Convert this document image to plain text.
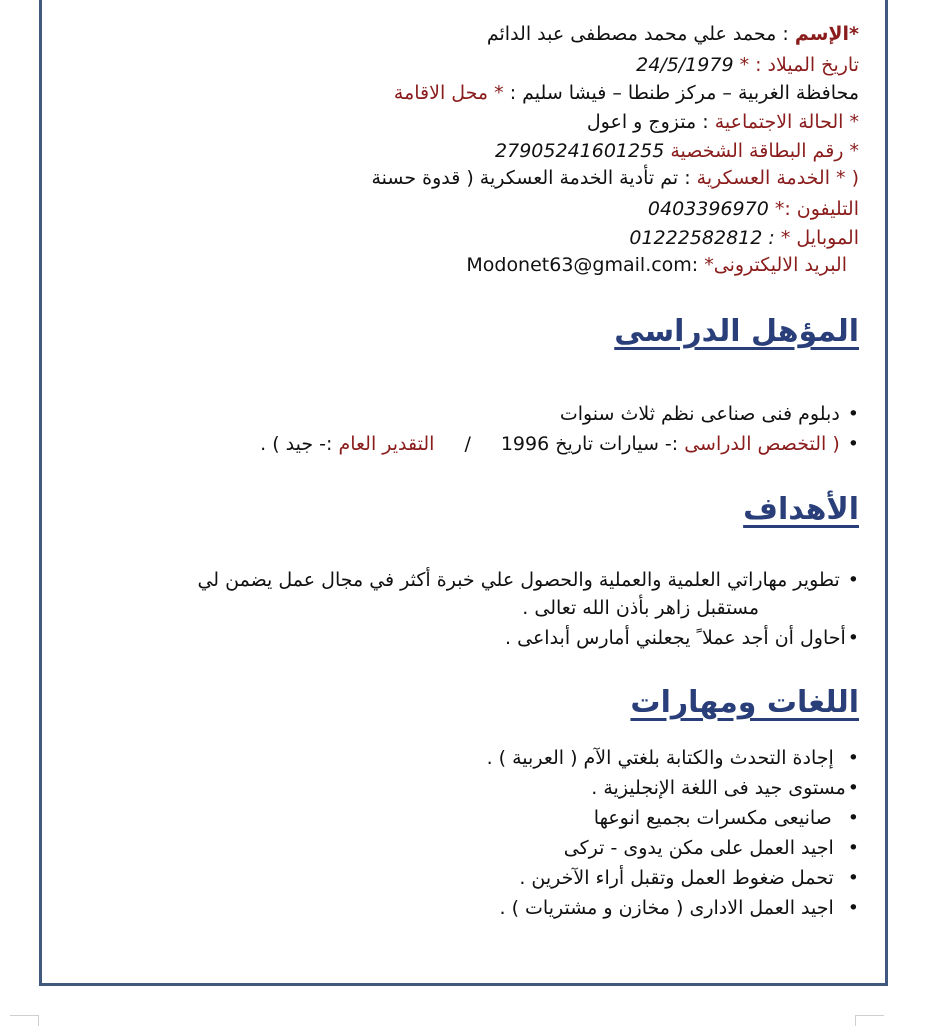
*الإسم : محمد علي محمد مصطفى عبد الدائم
تاريخ الميلاد : * 24/5/1979
محافظة الغربية – مركز طنطا – فيشا سليم : * محل الاقامة
* الحالة الاجتماعية : متزوج و اعول
* رقم البطاقة الشخصية 27905241601255
( * الخدمة العسكرية : تم تأدية الخدمة العسكرية ( قدوة حسنة
التليفون :* 0403396970
الموبايل * 01222582812 :
البريد الاليكترونى* Modonet63@gmail.com:
المؤهل الدراسى
•دبلوم فنى صناعى نظم ثلاث سنوات
•( التخصص الدراسى :- سيارات تاريخ 1996/التقدير العام :- جيد ) .
الأهداف
•تطوير مهاراتي العلمية والعملية والحصول علي خبرة أكثر في مجال عمل يضمن لي
مستقبل زاهر بأذن الله تعالى .
•أحاول أن أجد عملا ً يجعلني أمارس أبداعى .
اللغات ومهارات
•إجادة التحدث والكتابة بلغتي الآم ( العربية ) .
•مستوى جيد فى اللغة الإنجليزية .
•صانيعى مكسرات بجميع انوعها
•اجيد العمل على مكن يدوى - تركى
•تحمل ضغوط العمل وتقبل أراء الآخرين .
•اجيد العمل الادارى ( مخازن و مشتريات ) .
